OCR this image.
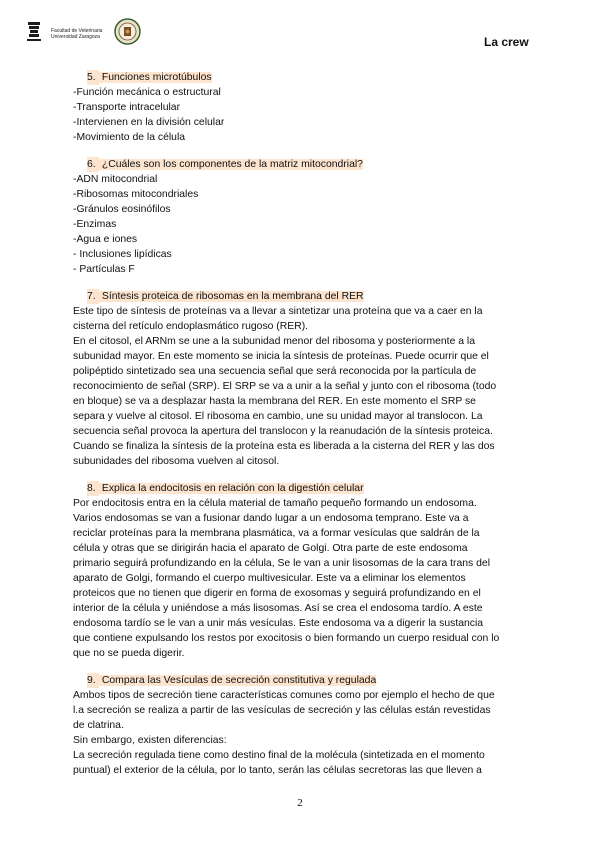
Facultad de Veterinaria
Universidad Zaragoza	La crew
5. Funciones microtúbulos
-Función mecánica o estructural
-Transporte intracelular
-Intervienen en la división celular
-Movimiento de la célula
6. ¿Cuáles son los componentes de la matriz mitocondrial?
-ADN mitocondrial
-Ribosomas mitocondriales
-Gránulos eosinófilos
-Enzimas
-Agua e iones
- Inclusiones lipídicas
- Partículas F
7. Síntesis proteica de ribosomas en la membrana del RER
Este tipo de síntesis de proteínas va a llevar a sintetizar una proteína que va a caer en la
cisterna del retículo endoplasmático rugoso (RER).
En el citosol, el ARNm se une a la subunidad menor del ribosoma y posteriormente a la
subunidad mayor. En este momento se inicia la síntesis de proteínas. Puede ocurrir que el
polipéptido sintetizado sea una secuencia señal que será reconocida por la partícula de
reconocimiento de señal (SRP). El SRP se va a unir a la señal y junto con el ribosoma (todo
en bloque) se va a desplazar hasta la membrana del RER. En este momento el SRP se
separa y vuelve al citosol. El ribosoma en cambio, une su unidad mayor al translocon. La
secuencia señal provoca la apertura del translocon y la reanudación de la síntesis proteica.
Cuando se finaliza la síntesis de la proteína esta es liberada a la cisterna del RER y las dos
subunidades del ribosoma vuelven al citosol.
8. Explica la endocitosis en relación con la digestión celular
Por endocitosis entra en la célula material de tamaño pequeño formando un endosoma.
Varios endosomas se van a fusionar dando lugar a un endosoma temprano. Este va a
reciclar proteínas para la membrana plasmática, va a formar vesículas que saldrán de la
célula y otras que se dirigirán hacia el aparato de Golgi. Otra parte de este endosoma
primario seguirá profundizando en la célula, Se le van a unir lisosomas de la cara trans del
aparato de Golgi, formando el cuerpo multivesicular. Este va a eliminar los elementos
proteicos que no tienen que digerir en forma de exosomas y seguirá profundizando en el
interior de la célula y uniéndose a más lisosomas. Así se crea el endosoma tardío. A este
endosoma tardío se le van a unir más vesículas. Este endosoma va a digerir la sustancia
que contiene expulsando los restos por exocitosis o bien formando un cuerpo residual con lo
que no se pueda digerir.
9. Compara las Vesículas de secreción constitutiva y regulada
Ambos tipos de secreción tiene características comunes como por ejemplo el hecho de que
l.a secreción se realiza a partir de las vesículas de secreción y las células están revestidas
de clatrina.
Sin embargo, existen diferencias:
La secreción regulada tiene como destino final de la molécula (sintetizada en el momento
puntual) el exterior de la célula, por lo tanto, serán las células secretoras las que lleven a
2
